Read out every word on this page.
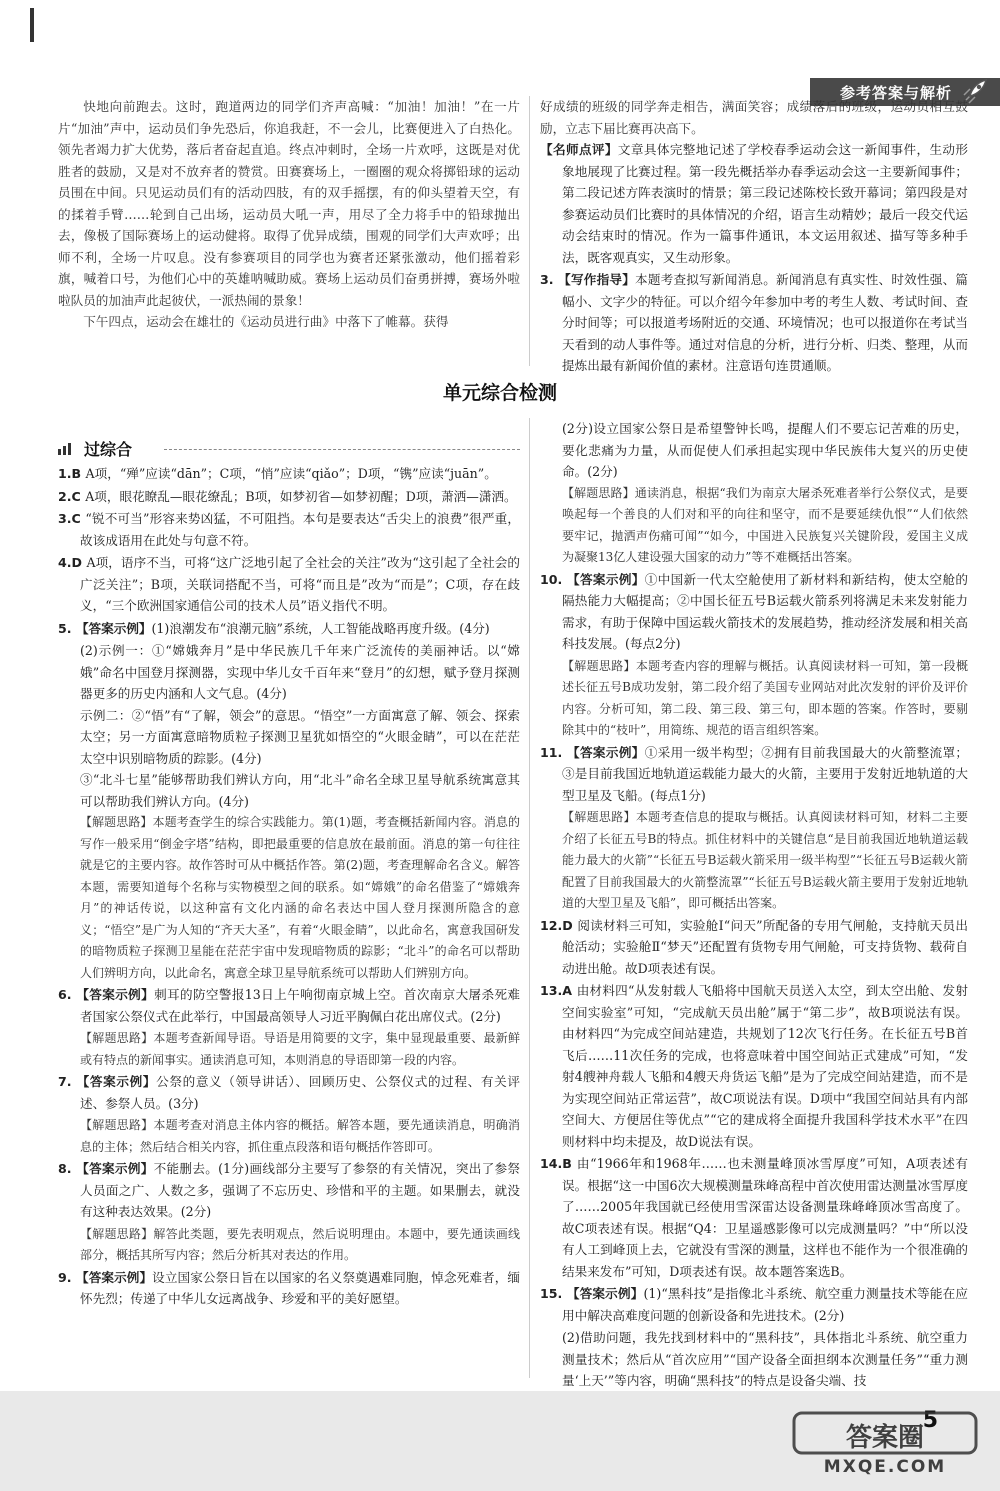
参考答案与解析

快地向前跑去。这时，跑道两边的同学们齐声高喊：“加油！加油！”在一片片“加油”声中，运动员们争先恐后，你追我赶，不一会儿，比赛便进入了白热化。领先者竭力扩大优势，落后者奋起直追。终点冲刺时，全场一片欢呼，这既是对优胜者的鼓励，又是对不放弃者的赞赏。田赛赛场上，一圈圈的观众将掷铅球的运动员围在中间。只见运动员们有的活动四肢，有的双手摇摆，有的仰头望着天空，有的揉着手臂……轮到自己出场，运动员大吼一声，用尽了全力将手中的铅球抛出去，像极了国际赛场上的运动健将。取得了优异成绩，围观的同学们大声欢呼；出师不利，全场一片叹息。没有参赛项目的同学也为赛者还紧张激动，他们摇着彩旗，喊着口号，为他们心中的英雄呐喊助威。赛场上运动员们奋勇拼搏，赛场外啦啦队员的加油声此起彼伏，一派热闹的景象！

下午四点，运动会在雄壮的《运动员进行曲》中落下了帷幕。获得

好成绩的班级的同学奔走相告，满面笑容；成绩落后的班级，运动员相互鼓励，立志下届比赛再决高下。

【名师点评】文章具体完整地记述了学校春季运动会这一新闻事件，生动形象地展现了比赛过程。第一段先概括举办春季运动会这一主要新闻事件；第二段记述方阵表演时的情景；第三段记述陈校长致开幕词；第四段是对参赛运动员们比赛时的具体情况的介绍，语言生动精妙；最后一段交代运动会结束时的情况。作为一篇事件通讯，本文运用叙述、描写等多种手法，既客观真实，又生动形象。

3. 【写作指导】本题考查拟写新闻消息。新闻消息有真实性、时效性强、篇幅小、文字少的特征。可以介绍今年参加中考的考生人数、考试时间、查分时间等；可以报道考场附近的交通、环境情况；也可以报道你在考试当天看到的动人事件等。通过对信息的分析，进行分析、归类、整理，从而提炼出最有新闻价值的素材。注意语句连贯通顺。

单元综合检测
过综合

1.B A项，“殚”应读“dān”；C项，“悄”应读“qiǎo”；D项，“镌”应读“juān”。

2.C A项，眼花瞭乱—眼花缭乱；B项，如梦初省—如梦初醒；D项，萧洒—潇洒。

3.C “锐不可当”形容来势凶猛，不可阻挡。本句是要表达“舌尖上的浪费”很严重，故该成语用在此处与句意不符。

4.D A项，语序不当，可将“这广泛地引起了全社会的关注”改为“这引起了全社会的广泛关注”；B项，关联词搭配不当，可将“而且是”改为“而是”；C项，存在歧义，“三个欧洲国家通信公司的技术人员”语义指代不明。

5. 【答案示例】(1)浪潮发布“浪潮元脑”系统，人工智能战略再度升级。(4分)

(2)示例一：①“嫦娥奔月”是中华民族几千年来广泛流传的美丽神话。以“嫦娥”命名中国登月探测器，实现中华儿女千百年来“登月”的幻想，赋予登月探测器更多的历史内涵和人文气息。(4分)

示例二：②“悟”有“了解，领会”的意思。“悟空”一方面寓意了解、领会、探索太空；另一方面寓意暗物质粒子探测卫星犹如悟空的“火眼金睛”，可以在茫茫太空中识别暗物质的踪影。(4分)

③“北斗七星”能够帮助我们辨认方向，用“北斗”命名全球卫星导航系统寓意其可以帮助我们辨认方向。(4分)

【解题思路】本题考查学生的综合实践能力。第(1)题，考查概括新闻内容。消息的写作一般采用“倒金字塔”结构，即把最重要的信息放在最前面。消息的第一句往往就是它的主要内容。故作答时可从中概括作答。第(2)题，考查理解命名含义。解答本题，需要知道每个名称与实物模型之间的联系。如“嫦娥”的命名借鉴了“嫦娥奔月”的神话传说，以这种富有文化内涵的命名表达中国人登月探测所隐含的意义；“悟空”是广为人知的“齐天大圣”，有着“火眼金睛”，以此命名，寓意我国研发的暗物质粒子探测卫星能在茫茫宇宙中发现暗物质的踪影；“北斗”的命名可以帮助人们辨明方向，以此命名，寓意全球卫星导航系统可以帮助人们辨别方向。

6. 【答案示例】刺耳的防空警报13日上午响彻南京城上空。首次南京大屠杀死难者国家公祭仪式在此举行，中国最高领导人习近平胸佩白花出席仪式。(2分)

【解题思路】本题考查新闻导语。导语是用简要的文字，集中显现最重要、最新鲜或有特点的新闻事实。通读消息可知，本则消息的导语即第一段的内容。

7. 【答案示例】公祭的意义（领导讲话）、回顾历史、公祭仪式的过程、有关评述、参祭人员。(3分)

【解题思路】本题考查对消息主体内容的概括。解答本题，要先通读消息，明确消息的主体；然后结合相关内容，抓住重点段落和语句概括作答即可。

8. 【答案示例】不能删去。(1分)画线部分主要写了参祭的有关情况，突出了参祭人员面之广、人数之多，强调了不忘历史、珍惜和平的主题。如果删去，就没有这种表达效果。(2分)

【解题思路】解答此类题，要先表明观点，然后说明理由。本题中，要先通读画线部分，概括其所写内容；然后分析其对表达的作用。

9. 【答案示例】设立国家公祭日旨在以国家的名义祭奠遇难同胞，悼念死难者，缅怀先烈；传递了中华儿女远离战争、珍爱和平的美好愿望。

(2分)设立国家公祭日是希望警钟长鸣，提醒人们不要忘记苦难的历史，要化悲痛为力量，从而促使人们承担起实现中华民族伟大复兴的历史使命。(2分)

【解题思路】通读消息，根据“我们为南京大屠杀死难者举行公祭仪式，是要唤起每一个善良的人们对和平的向往和坚守，而不是要延续仇恨”“人们依然要牢记，抛洒声伤痛可闻”“如今，中国进入民族复兴关键阶段，爱国主义成为凝聚13亿人建设强大国家的动力”等不难概括出答案。

10. 【答案示例】①中国新一代太空舱使用了新材料和新结构，使太空舱的隔热能力大幅提高；②中国长征五号B运载火箭系列将满足未来发射能力需求，有助于保障中国运载火箭技术的发展趋势，推动经济发展和相关高科技发展。(每点2分)

【解题思路】本题考查内容的理解与概括。认真阅读材料一可知，第一段概述长征五号B成功发射，第二段介绍了美国专业网站对此次发射的评价及评价内容。分析可知，第二段、第三段、第三句，即本题的答案。作答时，要剔除其中的“枝叶”，用简练、规范的语言组织答案。

11. 【答案示例】①采用一级半构型；②拥有目前我国最大的火箭整流罩；③是目前我国近地轨道运载能力最大的火箭，主要用于发射近地轨道的大型卫星及飞船。(每点1分)

【解题思路】本题考查信息的提取与概括。认真阅读材料可知，材料二主要介绍了长征五号B的特点。抓住材料中的关键信息“是目前我国近地轨道运载能力最大的火箭”“长征五号B运载火箭采用一级半构型”“长征五号B运载火箭配置了目前我国最大的火箭整流罩”“长征五号B运载火箭主要用于发射近地轨道的大型卫星及飞船”，即可概括出答案。

12.D 阅读材料三可知，实验舱Ⅰ“问天”所配备的专用气闸舱，支持航天员出舱活动；实验舱Ⅱ“梦天”还配置有货物专用气闸舱，可支持货物、载荷自动进出舱。故D项表述有误。

13.A 由材料四“从发射载人飞船将中国航天员送入太空，到太空出舱、发射空间实验室”可知，“完成航天员出舱”属于“第二步”，故B项说法有误。由材料四“为完成空间站建造，共规划了12次飞行任务。在长征五号B首飞后……11次任务的完成，也将意味着中国空间站正式建成”可知，“发射4艘神舟载人飞船和4艘天舟货运飞船”是为了完成空间站建造，而不是为实现空间站正常运营”，故C项说法有误。D项中“我国空间站具有内部空间大、方便居住等优点”“它的建成将全面提升我国科学技术水平”在四则材料中均未提及，故D说法有误。

14.B 由“1966年和1968年……也未测量峰顶冰雪厚度”可知，A项表述有误。根据“这一中国6次大规模测量珠峰高程中首次使用雷达测量冰雪厚度了……2005年我国就已经使用雪深雷达设备测量珠峰峰顶冰雪高度了。故C项表述有误。根据“Q4：卫星遥感影像可以完成测量吗？”中“所以没有人工到峰顶上去，它就没有雪深的测量，这样也不能作为一个很准确的结果来发布”可知，D项表述有误。故本题答案选B。

15. 【答案示例】(1)“黑科技”是指像北斗系统、航空重力测量技术等能在应用中解决高难度问题的创新设备和先进技术。(2分)

(2)借助问题，我先找到材料中的“黑科技”，具体指北斗系统、航空重力测量技术；然后从“首次应用”“国产设备全面担纲本次测量任务”“重力测量‘上天’”等内容，明确“黑科技”的特点是设备尖端、技

5
答案圈
MXQE.COM
